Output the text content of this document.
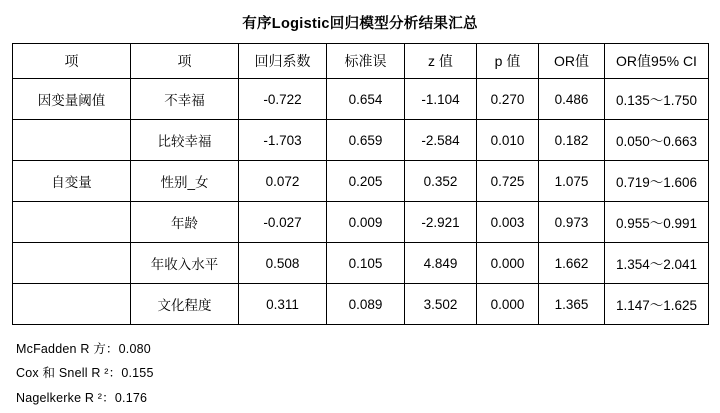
有序Logistic回归模型分析结果汇总
项	项	回归系数	标准误	z 值	p 值	OR值	OR值95% CI
因变量阈值	不幸福	-0.722	0.654	-1.104	0.270	0.486	0.135～1.750
	比较幸福	-1.703	0.659	-2.584	0.010	0.182	0.050～0.663
自变量	性别_女	0.072	0.205	0.352	0.725	1.075	0.719～1.606
	年龄	-0.027	0.009	-2.921	0.003	0.973	0.955～0.991
	年收入水平	0.508	0.105	4.849	0.000	1.662	1.354～2.041
	文化程度	0.311	0.089	3.502	0.000	1.365	1.147～1.625
McFadden R 方：0.080
Cox 和 Snell R ²：0.155
Nagelkerke R ²：0.176
